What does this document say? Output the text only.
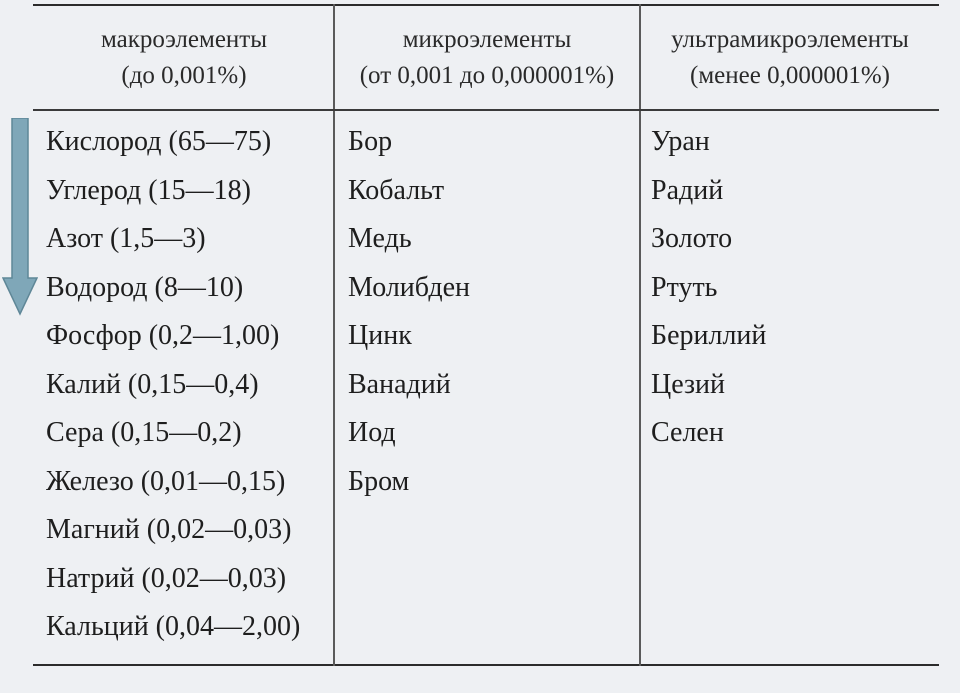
макроэлементы
(до 0,001%)
микроэлементы
(от 0,001 до 0,000001%)
ультрамикроэлементы
(менее 0,000001%)
Кислород (65—75)
Углерод (15—18)
Азот (1,5—3)
Водород (8—10)
Фосфор (0,2—1,00)
Калий (0,15—0,4)
Сера (0,15—0,2)
Железо (0,01—0,15)
Магний (0,02—0,03)
Натрий (0,02—0,03)
Кальций (0,04—2,00)
Бор
Кобальт
Медь
Молибден
Цинк
Ванадий
Иод
Бром
Уран
Радий
Золото
Ртуть
Бериллий
Цезий
Селен
